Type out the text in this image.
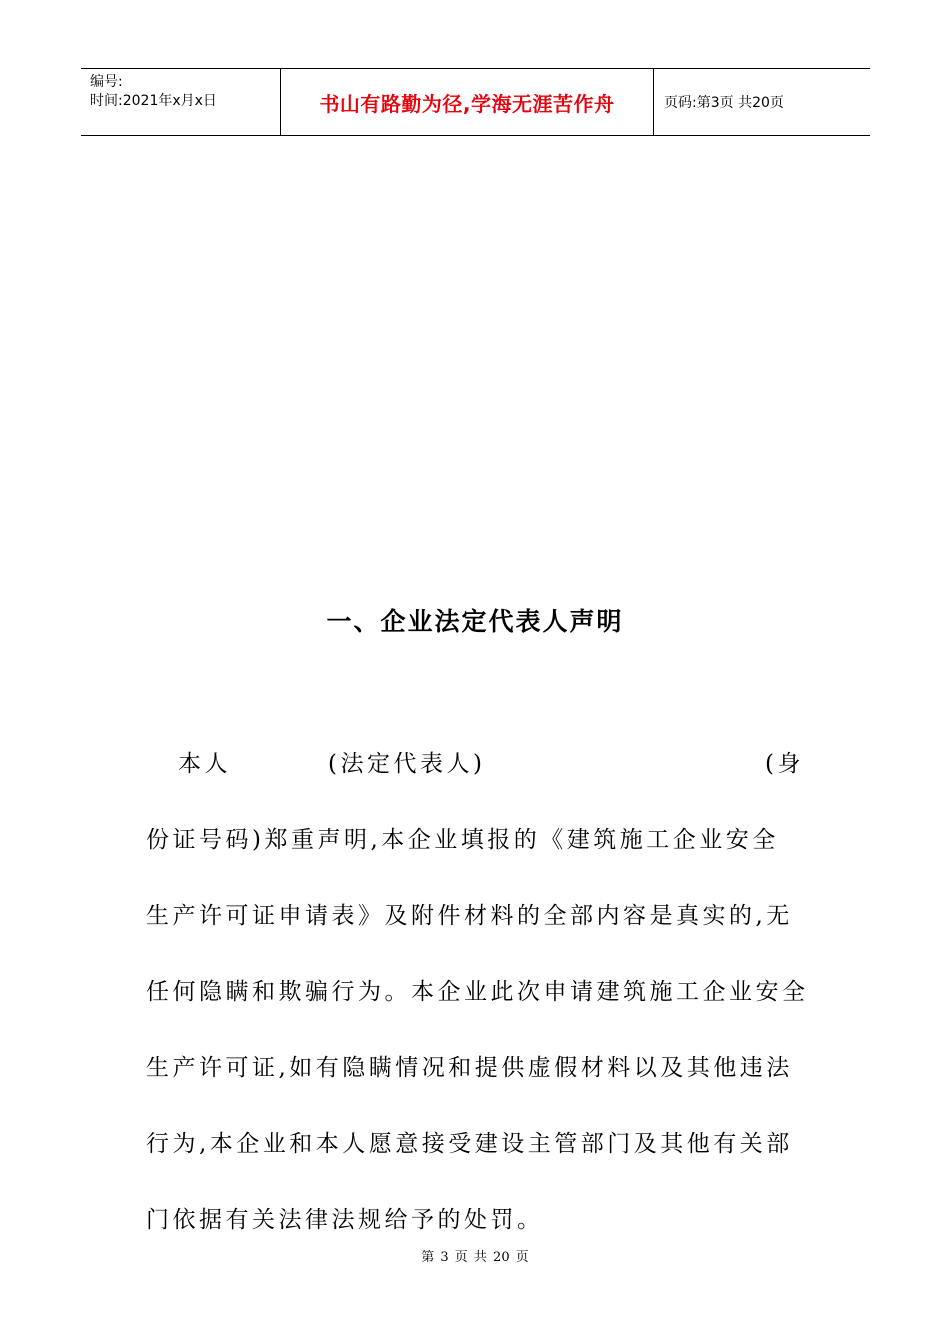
编号:
时间:2021年x月x日	书山有路勤为径,学海无涯苦作舟	页码:第3页 共20页
一、企业法定代表人声明
本人	(法定代表人)	(身
份证号码)郑重声明,本企业填报的《建筑施工企业安全
生产许可证申请表》及附件材料的全部内容是真实的,无
任何隐瞒和欺骗行为。本企业此次申请建筑施工企业安全
生产许可证,如有隐瞒情况和提供虚假材料以及其他违法
行为,本企业和本人愿意接受建设主管部门及其他有关部
门依据有关法律法规给予的处罚。
第 3 页 共 20 页
